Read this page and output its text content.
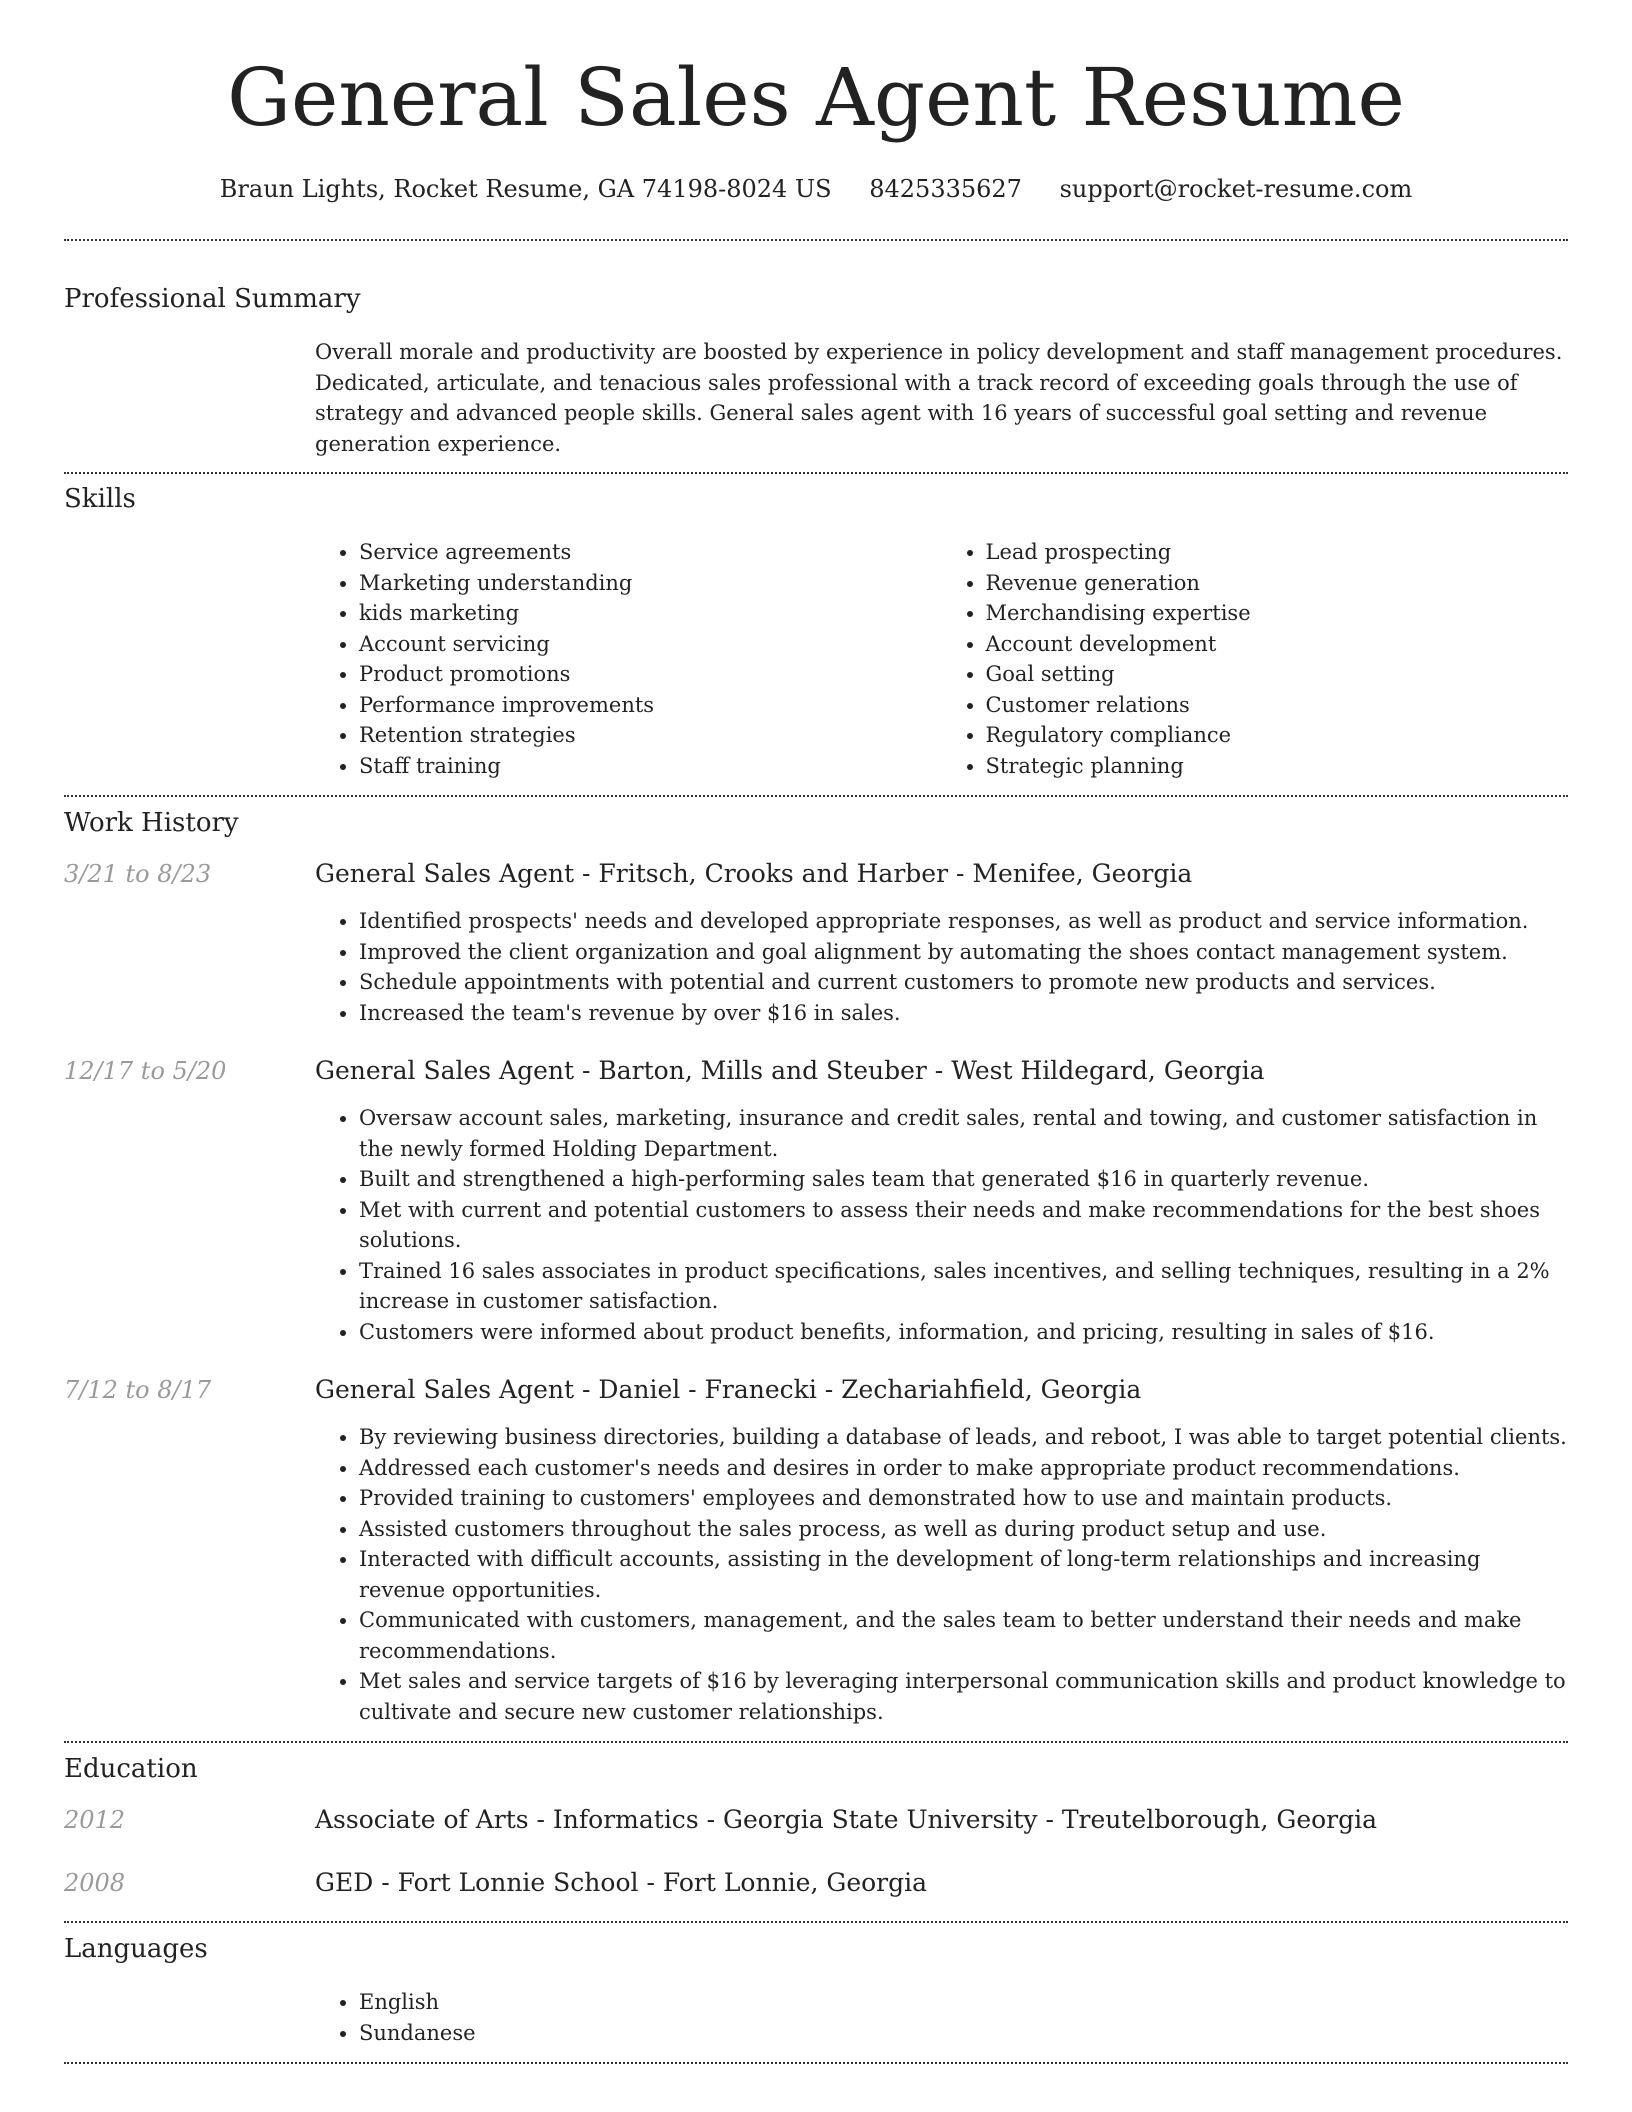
General Sales Agent Resume
Braun Lights, Rocket Resume, GA 74198-8024 US 8425335627 support@rocket-resume.com
Professional Summary

Overall morale and productivity are boosted by experience in policy development and staff management procedures. Dedicated, articulate, and tenacious sales professional with a track record of exceeding goals through the use of strategy and advanced people skills. General sales agent with 16 years of successful goal setting and revenue generation experience.

Skills
• Service agreements
• Marketing understanding
• kids marketing
• Account servicing
• Product promotions
• Performance improvements
• Retention strategies
• Staff training
• Lead prospecting
• Revenue generation
• Merchandising expertise
• Account development
• Goal setting
• Customer relations
• Regulatory compliance
• Strategic planning
Work History
3/21 to 8/23	General Sales Agent - Fritsch, Crooks and Harber - Menifee, Georgia
• Identified prospects' needs and developed appropriate responses, as well as product and service information.
• Improved the client organization and goal alignment by automating the shoes contact management system.
• Schedule appointments with potential and current customers to promote new products and services.
• Increased the team's revenue by over $16 in sales.
12/17 to 5/20	General Sales Agent - Barton, Mills and Steuber - West Hildegard, Georgia
• Oversaw account sales, marketing, insurance and credit sales, rental and towing, and customer satisfaction in the newly formed Holding Department.
• Built and strengthened a high-performing sales team that generated $16 in quarterly revenue.
• Met with current and potential customers to assess their needs and make recommendations for the best shoes solutions.
• Trained 16 sales associates in product specifications, sales incentives, and selling techniques, resulting in a 2% increase in customer satisfaction.
• Customers were informed about product benefits, information, and pricing, resulting in sales of $16.
7/12 to 8/17	General Sales Agent - Daniel - Franecki - Zechariahfield, Georgia
• By reviewing business directories, building a database of leads, and reboot, I was able to target potential clients.
• Addressed each customer's needs and desires in order to make appropriate product recommendations.
• Provided training to customers' employees and demonstrated how to use and maintain products.
• Assisted customers throughout the sales process, as well as during product setup and use.
• Interacted with difficult accounts, assisting in the development of long-term relationships and increasing revenue opportunities.
• Communicated with customers, management, and the sales team to better understand their needs and make recommendations.
• Met sales and service targets of $16 by leveraging interpersonal communication skills and product knowledge to cultivate and secure new customer relationships.
Education
2012	Associate of Arts - Informatics - Georgia State University - Treutelborough, Georgia
2008	GED - Fort Lonnie School - Fort Lonnie, Georgia
Languages
• English
• Sundanese
